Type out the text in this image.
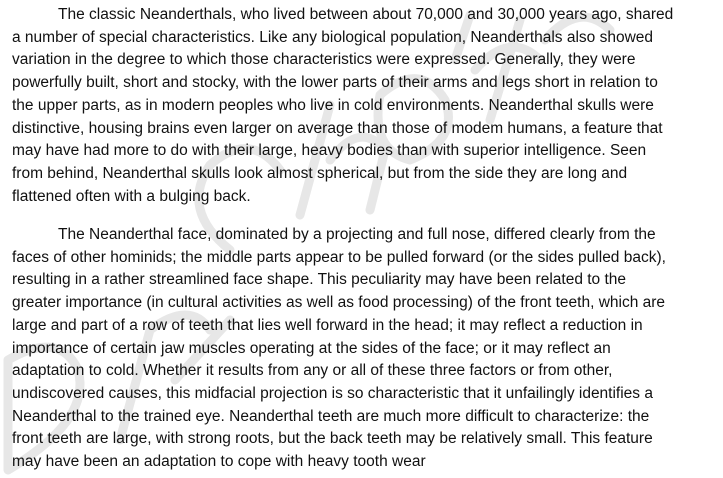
The classic Neanderthals, who lived between about 70,000 and 30,000 years ago, shared
a number of special characteristics. Like any biological population, Neanderthals also showed
variation in the degree to which those characteristics were expressed. Generally, they were
powerfully built, short and stocky, with the lower parts of their arms and legs short in relation to
the upper parts, as in modern peoples who live in cold environments. Neanderthal skulls were
distinctive, housing brains even larger on average than those of modem humans, a feature that
may have had more to do with their large, heavy bodies than with superior intelligence. Seen
from behind, Neanderthal skulls look almost spherical, but from the side they are long and
flattened often with a bulging back.

The Neanderthal face, dominated by a projecting and full nose, differed clearly from the
faces of other hominids; the middle parts appear to be pulled forward (or the sides pulled back),
resulting in a rather streamlined face shape. This peculiarity may have been related to the
greater importance (in cultural activities as well as food processing) of the front teeth, which are
large and part of a row of teeth that lies well forward in the head; it may reflect a reduction in
importance of certain jaw muscles operating at the sides of the face; or it may reflect an
adaptation to cold. Whether it results from any or all of these three factors or from other,
undiscovered causes, this midfacial projection is so characteristic that it unfailingly identifies a
Neanderthal to the trained eye. Neanderthal teeth are much more difficult to characterize: the
front teeth are large, with strong roots, but the back teeth may be relatively small. This feature
may have been an adaptation to cope with heavy tooth wear
